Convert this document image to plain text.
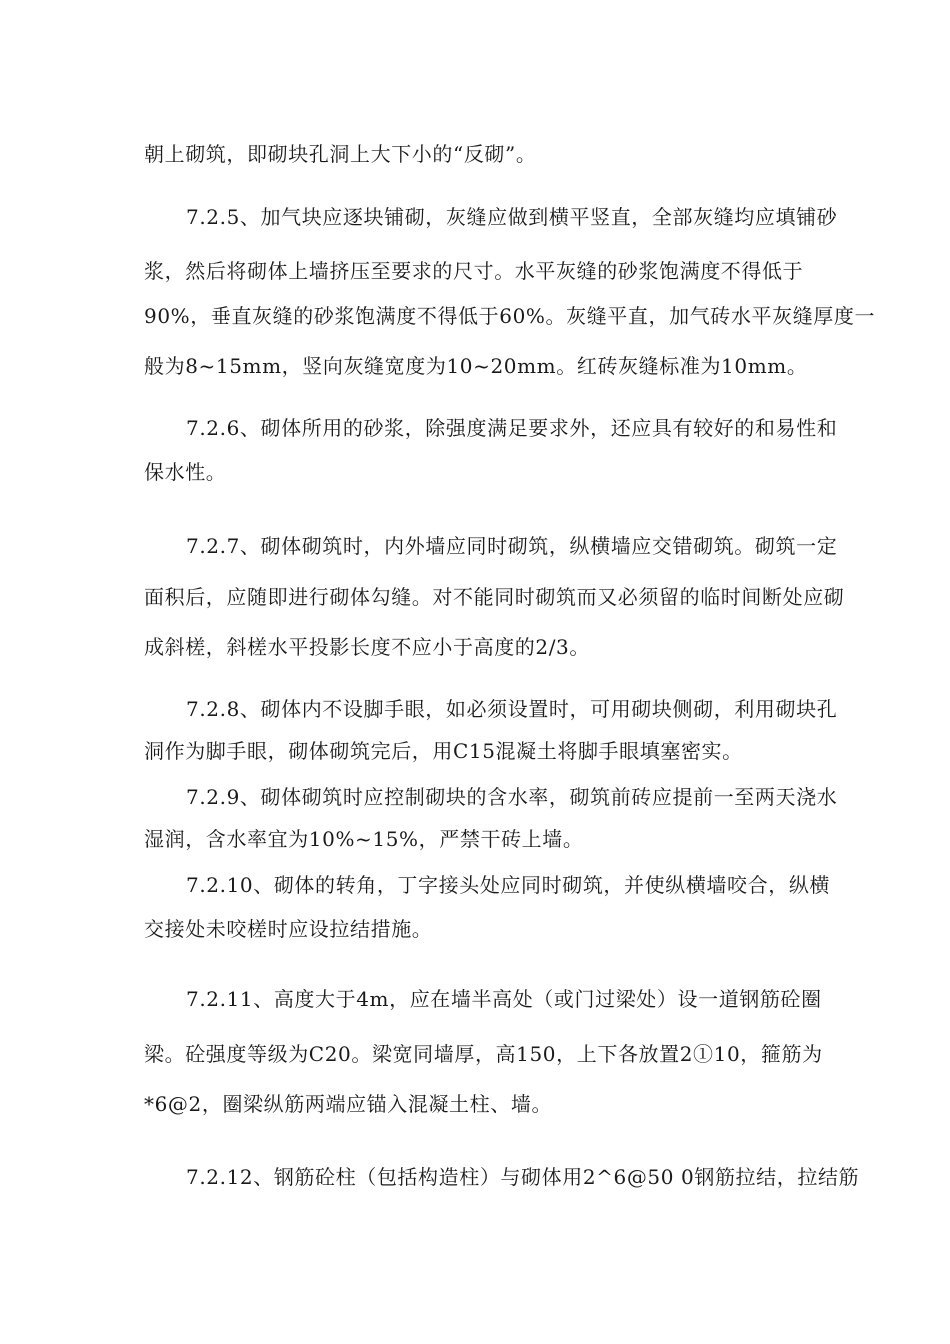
朝上砌筑，即砌块孔洞上大下小的“反砌”。
7.2.5、加气块应逐块铺砌，灰缝应做到横平竖直，全部灰缝均应填铺砂
浆，然后将砌体上墙挤压至要求的尺寸。水平灰缝的砂浆饱满度不得低于
90%，垂直灰缝的砂浆饱满度不得低于60%。灰缝平直，加气砖水平灰缝厚度一
般为8~15mm，竖向灰缝宽度为10~20mm。红砖灰缝标准为10mm。
7.2.6、砌体所用的砂浆，除强度满足要求外，还应具有较好的和易性和
保水性。
7.2.7、砌体砌筑时，内外墙应同时砌筑，纵横墙应交错砌筑。砌筑一定
面积后，应随即进行砌体勾缝。对不能同时砌筑而又必须留的临时间断处应砌
成斜槎，斜槎水平投影长度不应小于高度的2/3。
7.2.8、砌体内不设脚手眼，如必须设置时，可用砌块侧砌，利用砌块孔
洞作为脚手眼，砌体砌筑完后，用C15混凝土将脚手眼填塞密实。
7.2.9、砌体砌筑时应控制砌块的含水率，砌筑前砖应提前一至两天浇水
湿润，含水率宜为10%~15%，严禁干砖上墙。
7.2.10、砌体的转角，丁字接头处应同时砌筑，并使纵横墙咬合，纵横
交接处未咬槎时应设拉结措施。
7.2.11、高度大于4m，应在墙半高处（或门过梁处）设一道钢筋砼圈
梁。砼强度等级为C20。梁宽同墙厚，高150，上下各放置2①10，箍筋为
*6@2，圈梁纵筋两端应锚入混凝土柱、墙。
7.2.12、钢筋砼柱（包括构造柱）与砌体用2^6@50 0钢筋拉结，拉结筋
